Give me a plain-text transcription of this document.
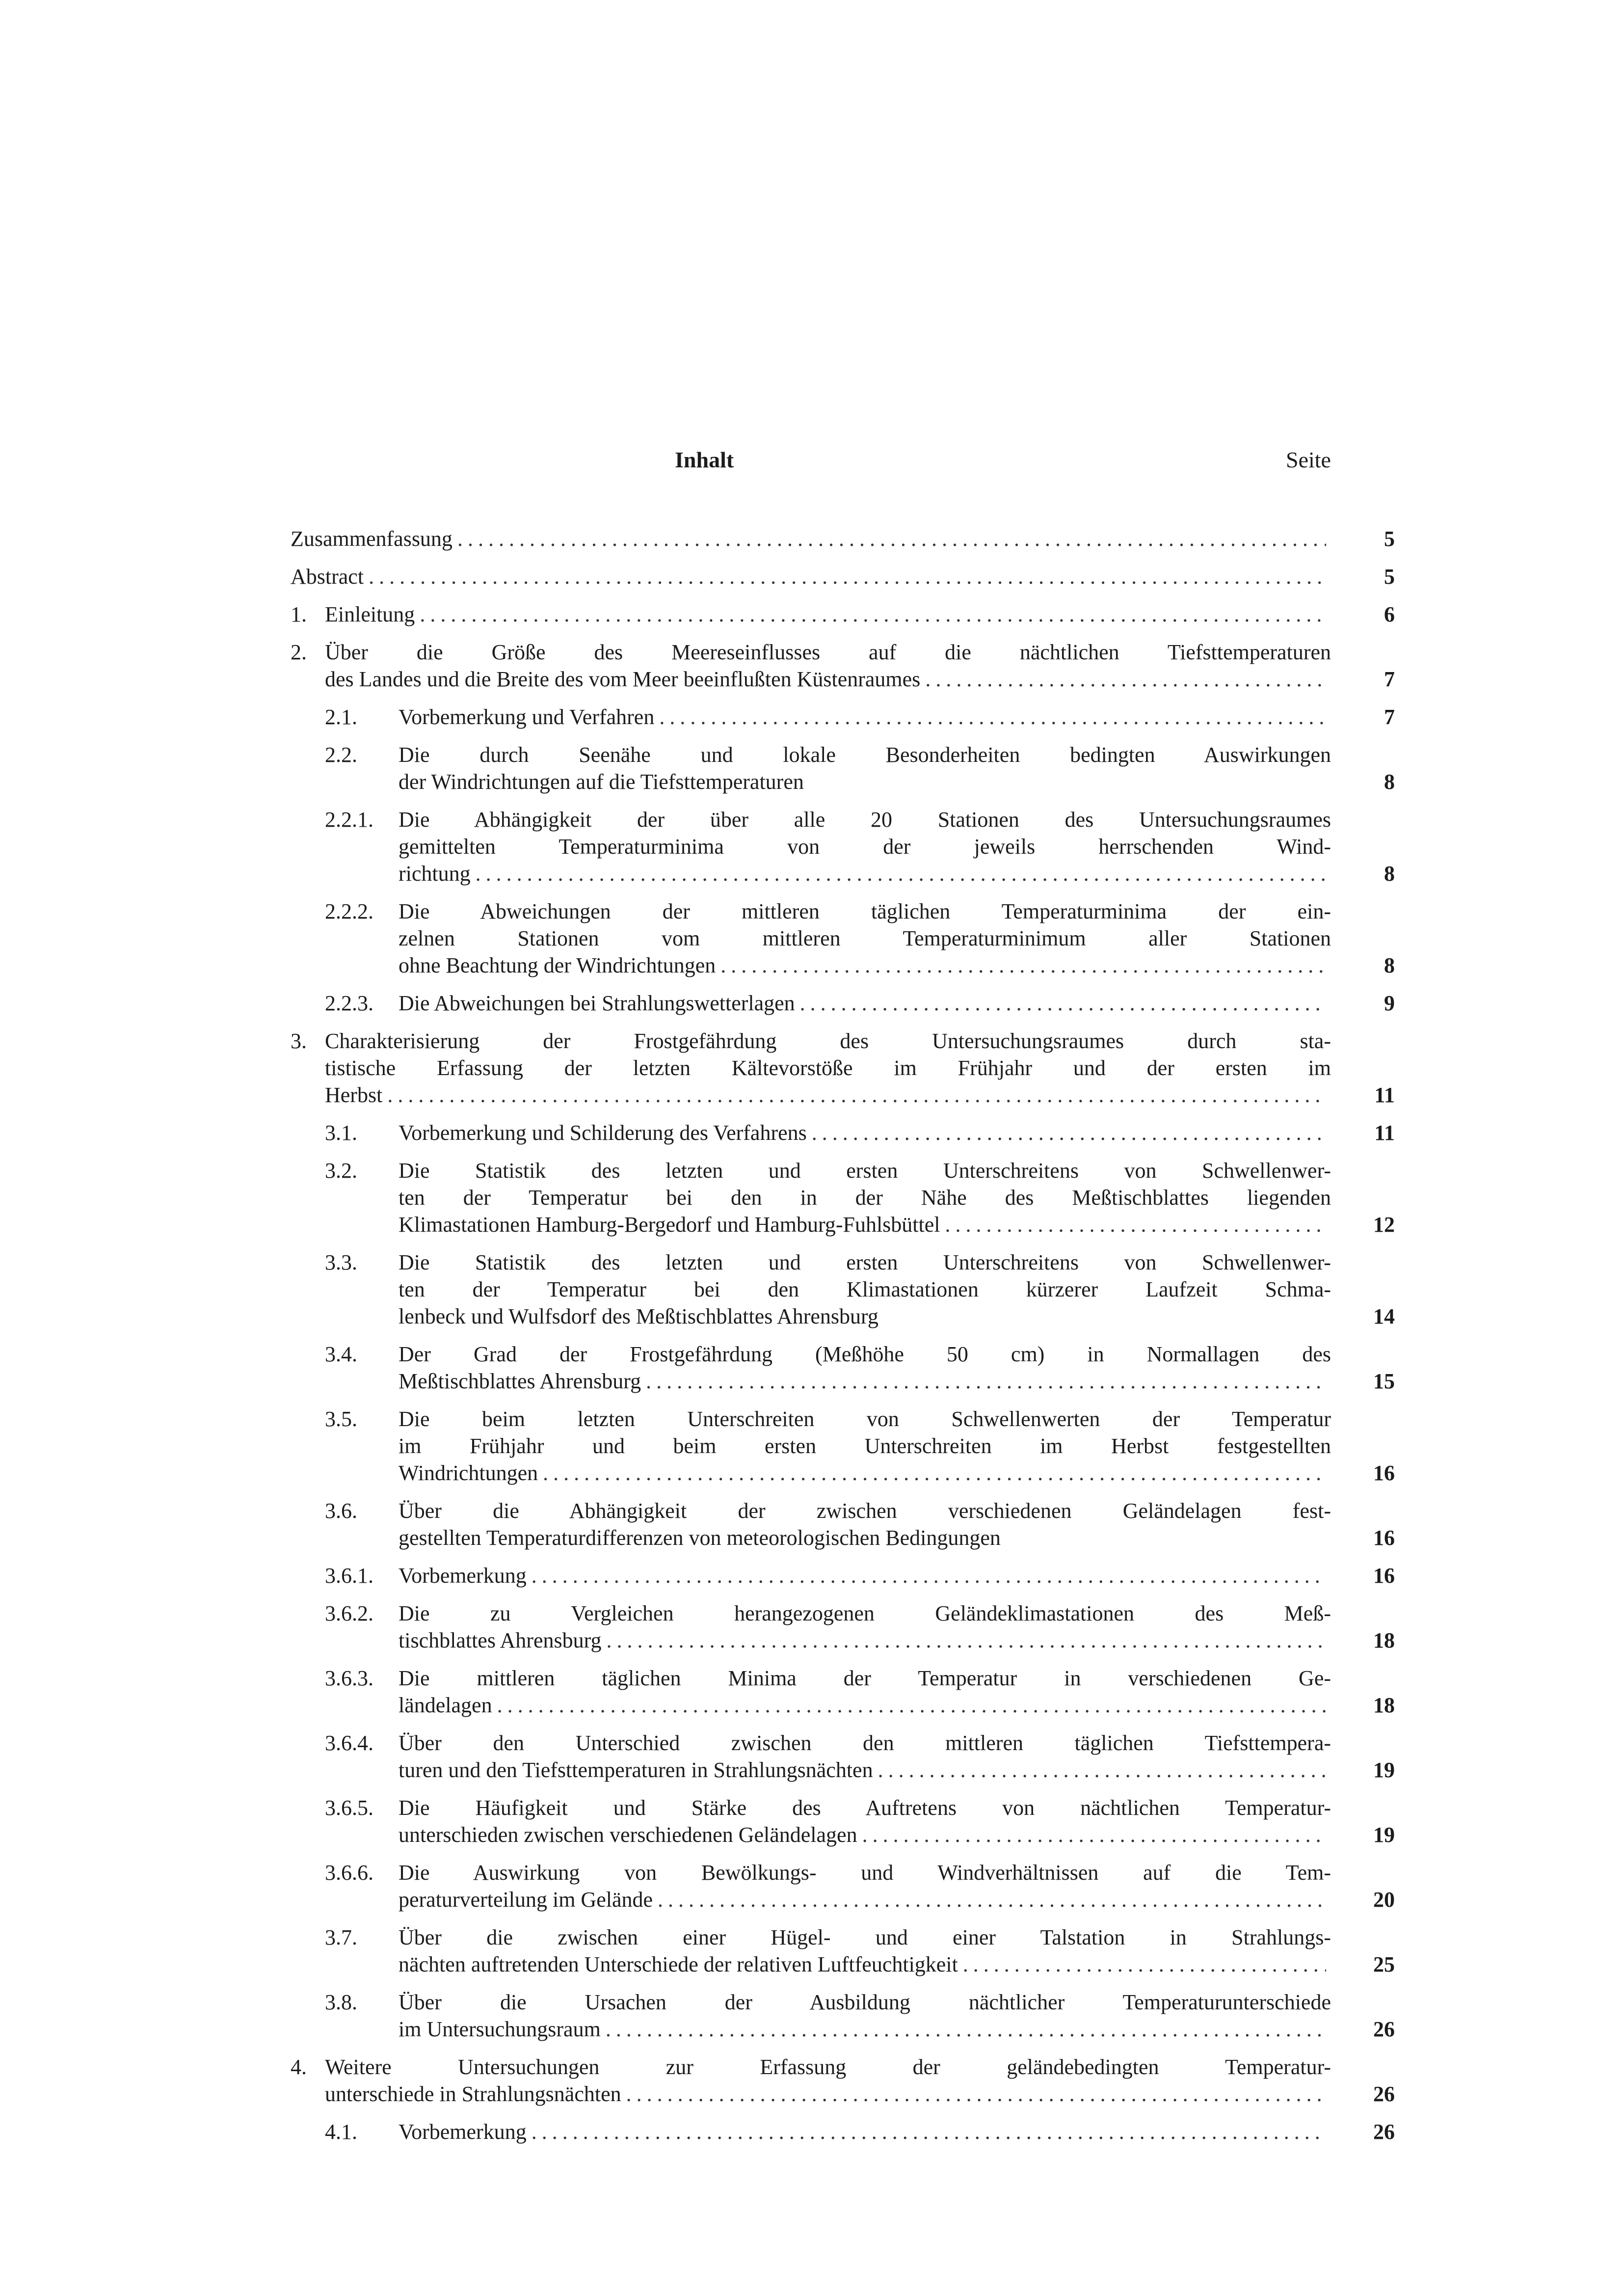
Inhalt	Seite
Zusammenfassung .....	5
Abstract .....	5
1. Einleitung .....	6
2. Über die Größe des Meereseinflusses auf die nächtlichen Tiefsttemperaturen
des Landes und die Breite des vom Meer beeinflußten Küstenraumes .....	7
2.1. Vorbemerkung und Verfahren .....	7
2.2. Die durch Seenähe und lokale Besonderheiten bedingten Auswirkungen
der Windrichtungen auf die Tiefsttemperaturen	8
2.2.1. Die Abhängigkeit der über alle 20 Stationen des Untersuchungsraumes
gemittelten Temperaturminima von der jeweils herrschenden Wind-
richtung .....	8
2.2.2. Die Abweichungen der mittleren täglichen Temperaturminima der ein-
zelnen Stationen vom mittleren Temperaturminimum aller Stationen
ohne Beachtung der Windrichtungen .....	8
2.2.3. Die Abweichungen bei Strahlungswetterlagen .....	9
3. Charakterisierung der Frostgefährdung des Untersuchungsraumes durch sta-
tistische Erfassung der letzten Kältevorstöße im Frühjahr und der ersten im
Herbst .....	11
3.1. Vorbemerkung und Schilderung des Verfahrens .....	11
3.2. Die Statistik des letzten und ersten Unterschreitens von Schwellenwer-
ten der Temperatur bei den in der Nähe des Meßtischblattes liegenden
Klimastationen Hamburg-Bergedorf und Hamburg-Fuhlsbüttel .....	12
3.3. Die Statistik des letzten und ersten Unterschreitens von Schwellenwer-
ten der Temperatur bei den Klimastationen kürzerer Laufzeit Schma-
lenbeck und Wulfsdorf des Meßtischblattes Ahrensburg	14
3.4. Der Grad der Frostgefährdung (Meßhöhe 50 cm) in Normallagen des
Meßtischblattes Ahrensburg .....	15
3.5. Die beim letzten Unterschreiten von Schwellenwerten der Temperatur
im Frühjahr und beim ersten Unterschreiten im Herbst festgestellten
Windrichtungen .....	16
3.6. Über die Abhängigkeit der zwischen verschiedenen Geländelagen fest-
gestellten Temperaturdifferenzen von meteorologischen Bedingungen	16
3.6.1. Vorbemerkung .....	16
3.6.2. Die zu Vergleichen herangezogenen Geländeklimastationen des Meß-
tischblattes Ahrensburg .....	18
3.6.3. Die mittleren täglichen Minima der Temperatur in verschiedenen Ge-
ländelagen .....	18
3.6.4. Über den Unterschied zwischen den mittleren täglichen Tiefsttempera-
turen und den Tiefsttemperaturen in Strahlungsnächten .....	19
3.6.5. Die Häufigkeit und Stärke des Auftretens von nächtlichen Temperatur-
unterschieden zwischen verschiedenen Geländelagen .....	19
3.6.6. Die Auswirkung von Bewölkungs- und Windverhältnissen auf die Tem-
peraturverteilung im Gelände .....	20
3.7. Über die zwischen einer Hügel- und einer Talstation in Strahlungs-
nächten auftretenden Unterschiede der relativen Luftfeuchtigkeit .....	25
3.8. Über die Ursachen der Ausbildung nächtlicher Temperaturunterschiede
im Untersuchungsraum .....	26
4. Weitere Untersuchungen zur Erfassung der geländebedingten Temperatur-
unterschiede in Strahlungsnächten .....	26
4.1. Vorbemerkung .....	26
